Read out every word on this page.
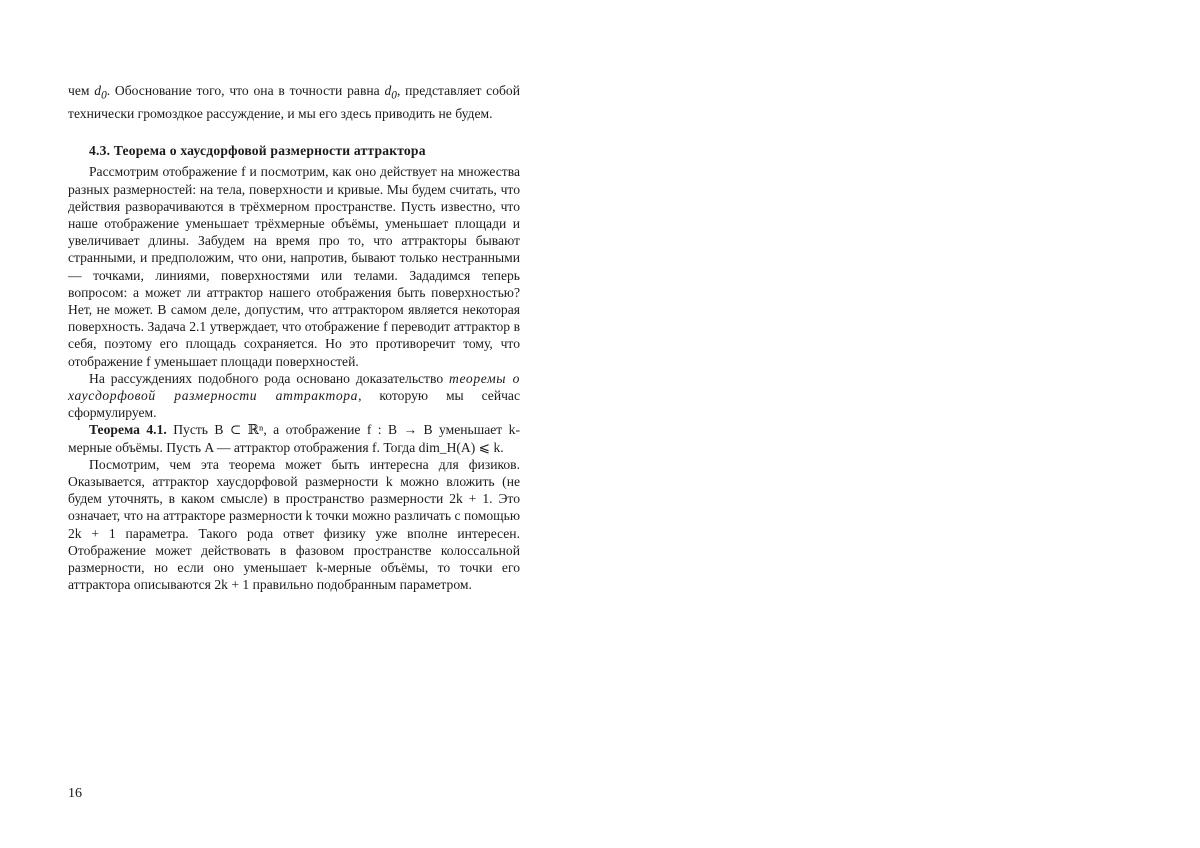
чем $d_0$. Обоснование того, что она в точности равна $d_0$, представляет собой технически громоздкое рассуждение, и мы его здесь приводить не будем.

4.3. Теорема о хаусдорфовой размерности аттрактора

Рассмотрим отображение f и посмотрим, как оно действует на множества разных размерностей: на тела, поверхности и кривые. Мы будем считать, что действия разворачиваются в трёхмерном пространстве. Пусть известно, что наше отображение уменьшает трёхмерные объёмы, уменьшает площади и увеличивает длины. Забудем на время про то, что аттракторы бывают странными, и предположим, что они, напротив, бывают только нестранными — точками, линиями, поверхностями или телами. Зададимся теперь вопросом: а может ли аттрактор нашего отображения быть поверхностью? Нет, не может. В самом деле, допустим, что аттрактором является некоторая поверхность. Задача 2.1 утверждает, что отображение f переводит аттрактор в себя, поэтому его площадь сохраняется. Но это противоречит тому, что отображение f уменьшает площади поверхностей.

На рассуждениях подобного рода основано доказательство теоремы о хаусдорфовой размерности аттрактора, которую мы сейчас сформулируем.

Теорема 4.1. Пусть B ⊂ ℝⁿ, а отображение f : B → B уменьшает k-мерные объёмы. Пусть A — аттрактор отображения f. Тогда dim_H(A) ⩽ k.

Посмотрим, чем эта теорема может быть интересна для физиков. Оказывается, аттрактор хаусдорфовой размерности k можно вложить (не будем уточнять, в каком смысле) в пространство размерности 2k + 1. Это означает, что на аттракторе размерности k точки можно различать с помощью 2k + 1 параметра. Такого рода ответ физику уже вполне интересен. Отображение может действовать в фазовом пространстве колоссальной размерности, но если оно уменьшает k-мерные объёмы, то точки его аттрактора описываются 2k + 1 правильно подобранным параметром.

16
